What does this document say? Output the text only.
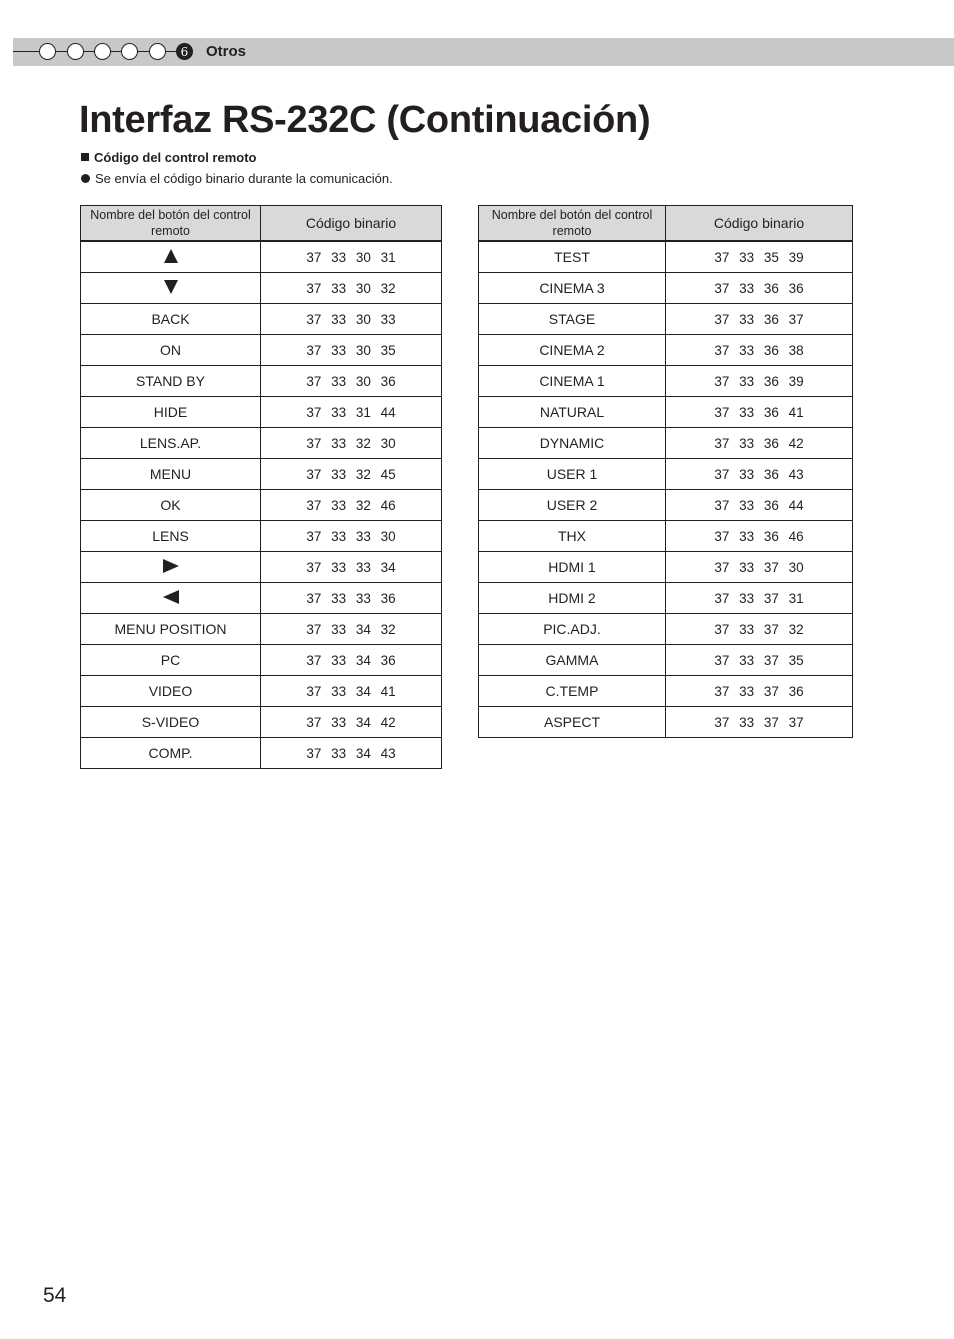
6	Otros
Interfaz RS-232C (Continuación)
Código del control remoto
Se envía el código binario durante la comunicación.
Nombre del botón del control remoto	Código binario
	37 33 30 31
	37 33 30 32
BACK	37 33 30 33
ON	37 33 30 35
STAND BY	37 33 30 36
HIDE	37 33 31 44
LENS.AP.	37 33 32 30
MENU	37 33 32 45
OK	37 33 32 46
LENS	37 33 33 30
	37 33 33 34
	37 33 33 36
MENU POSITION	37 33 34 32
PC	37 33 34 36
VIDEO	37 33 34 41
S-VIDEO	37 33 34 42
COMP.	37 33 34 43
Nombre del botón del control remoto	Código binario
TEST	37 33 35 39
CINEMA 3	37 33 36 36
STAGE	37 33 36 37
CINEMA 2	37 33 36 38
CINEMA 1	37 33 36 39
NATURAL	37 33 36 41
DYNAMIC	37 33 36 42
USER 1	37 33 36 43
USER 2	37 33 36 44
THX	37 33 36 46
HDMI 1	37 33 37 30
HDMI 2	37 33 37 31
PIC.ADJ.	37 33 37 32
GAMMA	37 33 37 35
C.TEMP	37 33 37 36
ASPECT	37 33 37 37
54
